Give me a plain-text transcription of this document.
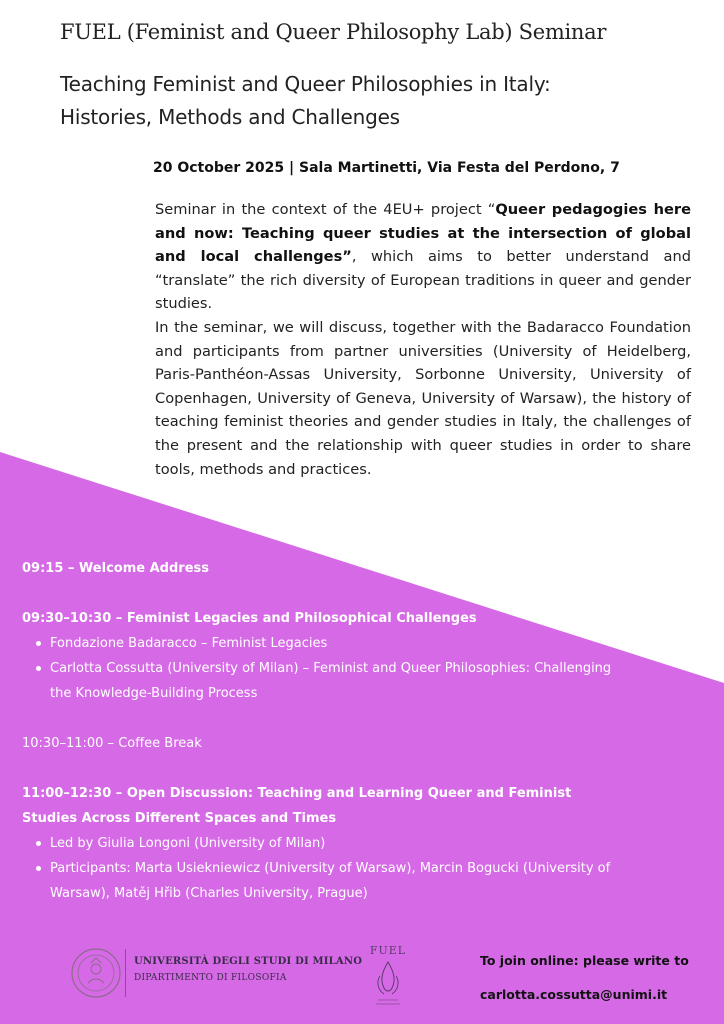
FUEL (Feminist and Queer Philosophy Lab) Seminar
Teaching Feminist and Queer Philosophies in Italy:
Histories, Methods and Challenges
20 October 2025 | Sala Martinetti, Via Festa del Perdono, 7

Seminar in the context of the 4EU+ project “Queer pedagogies here and now: Teaching queer studies at the intersection of global and local challenges”, which aims to better understand and “translate” the rich diversity of European traditions in queer and gender studies.

In the seminar, we will discuss, together with the Badaracco Foundation and participants from partner universities (University of Heidelberg, Paris-Panthéon-Assas University, Sorbonne University, University of Copenhagen, University of Geneva, University of Warsaw), the history of teaching feminist theories and gender studies in Italy, the challenges of the present and the relationship with queer studies in order to share tools, methods and practices.

09:15 – Welcome Address
09:30–10:30 – Feminist Legacies and Philosophical Challenges
Fondazione Badaracco – Feminist Legacies
Carlotta Cossutta (University of Milan) – Feminist and Queer Philosophies: Challenging the Knowledge-Building Process
10:30–11:00 – Coffee Break
11:00–12:30 – Open Discussion: Teaching and Learning Queer and Feminist Studies Across Different Spaces and Times
Led by Giulia Longoni (University of Milan)
Participants: Marta Usiekniewicz (University of Warsaw), Marcin Bogucki (University of Warsaw), Matěj Hřib (Charles University, Prague)
UNIVERSITÀ DEGLI STUDI DI MILANO
DIPARTIMENTO DI FILOSOFIA
FUEL
To join online: please write to
carlotta.cossutta@unimi.it
